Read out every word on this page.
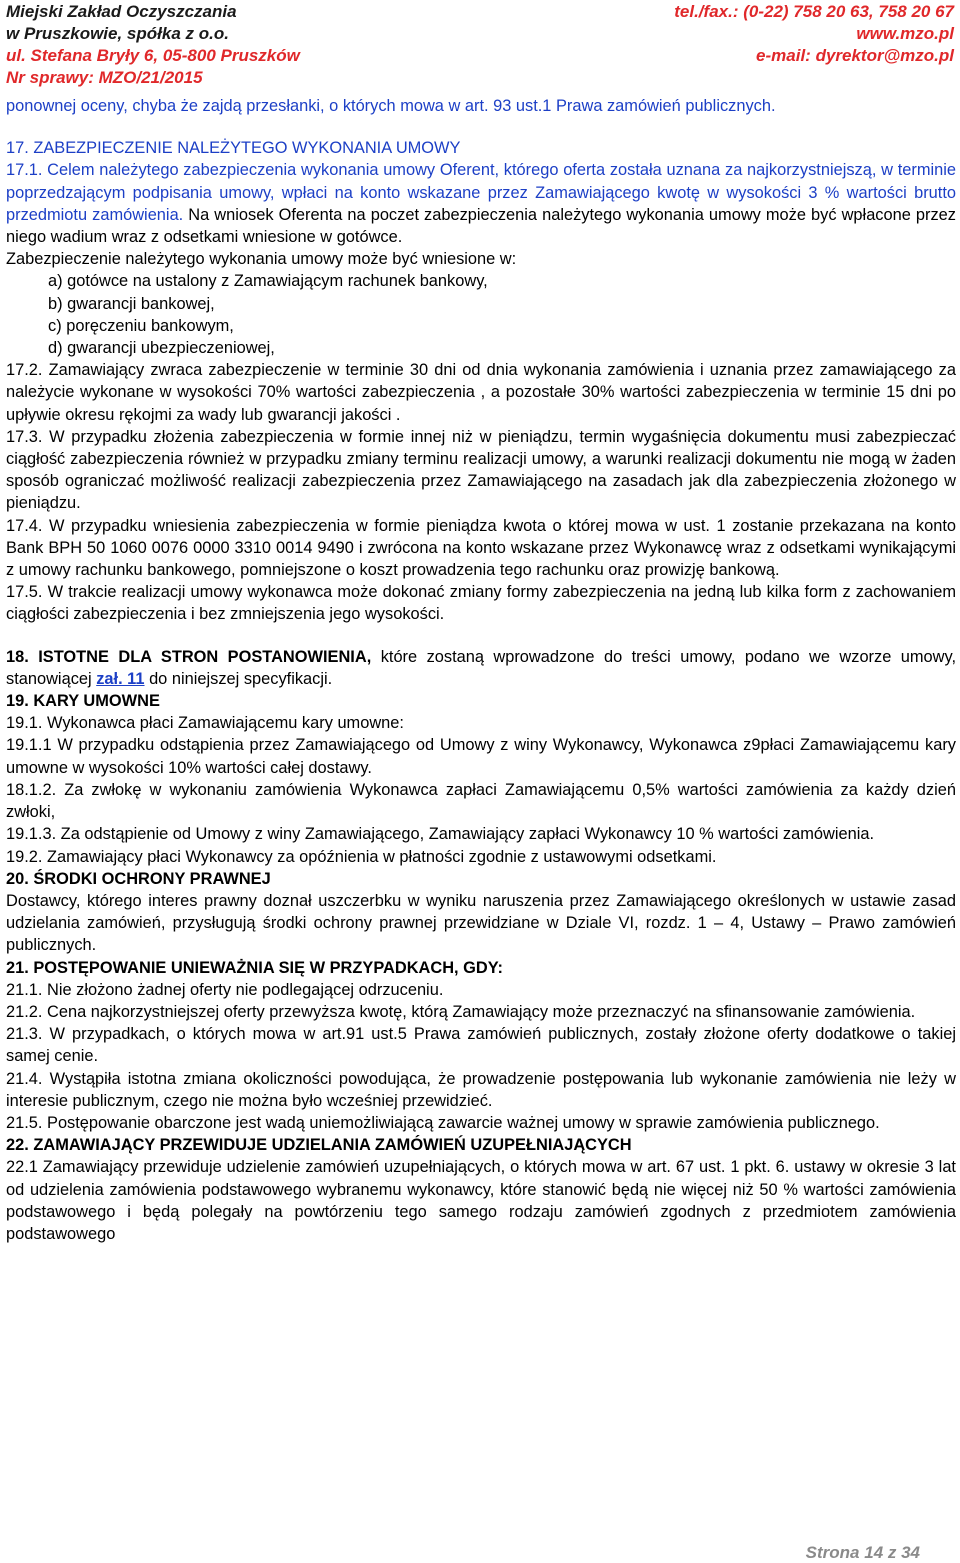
Miejski Zakład Oczyszczania	tel./fax.: (0-22) 758 20 63, 758 20 67
w Pruszkowie, spółka z o.o.	www.mzo.pl
ul. Stefana Bryły 6, 05-800 Pruszków	e-mail: dyrektor@mzo.pl
Nr sprawy: MZO/21/2015

ponownej oceny, chyba że zajdą przesłanki, o których mowa w art. 93 ust.1 Prawa zamówień publicznych.

17. ZABEZPIECZENIE NALEŻYTEGO WYKONANIA UMOWY

17.1. Celem należytego zabezpieczenia wykonania umowy Oferent, którego oferta została uznana za najkorzystniejszą, w terminie poprzedzającym podpisania umowy, wpłaci na konto wskazane przez Zamawiającego kwotę w wysokości 3 % wartości brutto przedmiotu zamówienia. Na wniosek Oferenta na poczet zabezpieczenia należytego wykonania umowy może być wpłacone przez niego wadium wraz z odsetkami wniesione w gotówce.

Zabezpieczenie należytego wykonania umowy może być wniesione w:

a) gotówce na ustalony z Zamawiającym rachunek bankowy,

b) gwarancji bankowej,

c) poręczeniu bankowym,

d) gwarancji ubezpieczeniowej,

17.2. Zamawiający zwraca zabezpieczenie w terminie 30 dni od dnia wykonania zamówienia i uznania przez zamawiającego za należycie wykonane w wysokości 70% wartości zabezpieczenia , a pozostałe 30% wartości zabezpieczenia w terminie 15 dni po upływie okresu rękojmi za wady lub gwarancji jakości .

17.3. W przypadku złożenia zabezpieczenia w formie innej niż w pieniądzu, termin wygaśnięcia dokumentu musi zabezpieczać ciągłość zabezpieczenia również w przypadku zmiany terminu realizacji umowy, a warunki realizacji dokumentu nie mogą w żaden sposób ograniczać możliwość realizacji zabezpieczenia przez Zamawiającego na zasadach jak dla zabezpieczenia złożonego w pieniądzu.

17.4. W przypadku wniesienia zabezpieczenia w formie pieniądza kwota o której mowa w ust. 1 zostanie przekazana na konto Bank BPH 50 1060 0076 0000 3310 0014 9490 i zwrócona na konto wskazane przez Wykonawcę wraz z odsetkami wynikającymi z umowy rachunku bankowego, pomniejszone o koszt prowadzenia tego rachunku oraz prowizję bankową.

17.5. W trakcie realizacji umowy wykonawca może dokonać zmiany formy zabezpieczenia na jedną lub kilka form z zachowaniem ciągłości zabezpieczenia i bez zmniejszenia jego wysokości.

18. ISTOTNE DLA STRON POSTANOWIENIA, które zostaną wprowadzone do treści umowy, podano we wzorze umowy, stanowiącej zał. 11 do niniejszej specyfikacji.

19. KARY UMOWNE

19.1. Wykonawca płaci Zamawiającemu kary umowne:

19.1.1 W przypadku odstąpienia przez Zamawiającego od Umowy z winy Wykonawcy, Wykonawca z9płaci Zamawiającemu kary umowne w wysokości 10% wartości całej dostawy.

18.1.2. Za zwłokę w wykonaniu zamówienia Wykonawca zapłaci Zamawiającemu 0,5% wartości zamówienia za każdy dzień zwłoki,

19.1.3. Za odstąpienie od Umowy z winy Zamawiającego, Zamawiający zapłaci Wykonawcy 10 % wartości zamówienia.

19.2. Zamawiający płaci Wykonawcy za opóźnienia w płatności zgodnie z ustawowymi odsetkami.

20. ŚRODKI OCHRONY PRAWNEJ

Dostawcy, którego interes prawny doznał uszczerbku w wyniku naruszenia przez Zamawiającego określonych w ustawie zasad udzielania zamówień, przysługują środki ochrony prawnej przewidziane w Dziale VI, rozdz. 1 – 4, Ustawy – Prawo zamówień publicznych.

21. POSTĘPOWANIE UNIEWAŻNIA SIĘ W PRZYPADKACH, GDY:

21.1. Nie złożono żadnej oferty nie podlegającej odrzuceniu.

21.2. Cena najkorzystniejszej oferty przewyższa kwotę, którą Zamawiający może przeznaczyć na sfinansowanie zamówienia.

21.3. W przypadkach, o których mowa w art.91 ust.5 Prawa zamówień publicznych, zostały złożone oferty dodatkowe o takiej samej cenie.

21.4. Wystąpiła istotna zmiana okoliczności powodująca, że prowadzenie postępowania lub wykonanie zamówienia nie leży w interesie publicznym, czego nie można było wcześniej przewidzieć.

21.5. Postępowanie obarczone jest wadą uniemożliwiającą zawarcie ważnej umowy w sprawie zamówienia publicznego.

22. ZAMAWIAJĄCY PRZEWIDUJE UDZIELANIA ZAMÓWIEŃ UZUPEŁNIAJĄCYCH

22.1 Zamawiający przewiduje udzielenie zamówień uzupełniających, o których mowa w art. 67 ust. 1 pkt. 6. ustawy w okresie 3 lat od udzielenia zamówienia podstawowego wybranemu wykonawcy, które stanowić będą nie więcej niż 50 % wartości zamówienia podstawowego i będą polegały na powtórzeniu tego samego rodzaju zamówień zgodnych z przedmiotem zamówienia podstawowego

Strona 14 z 34
